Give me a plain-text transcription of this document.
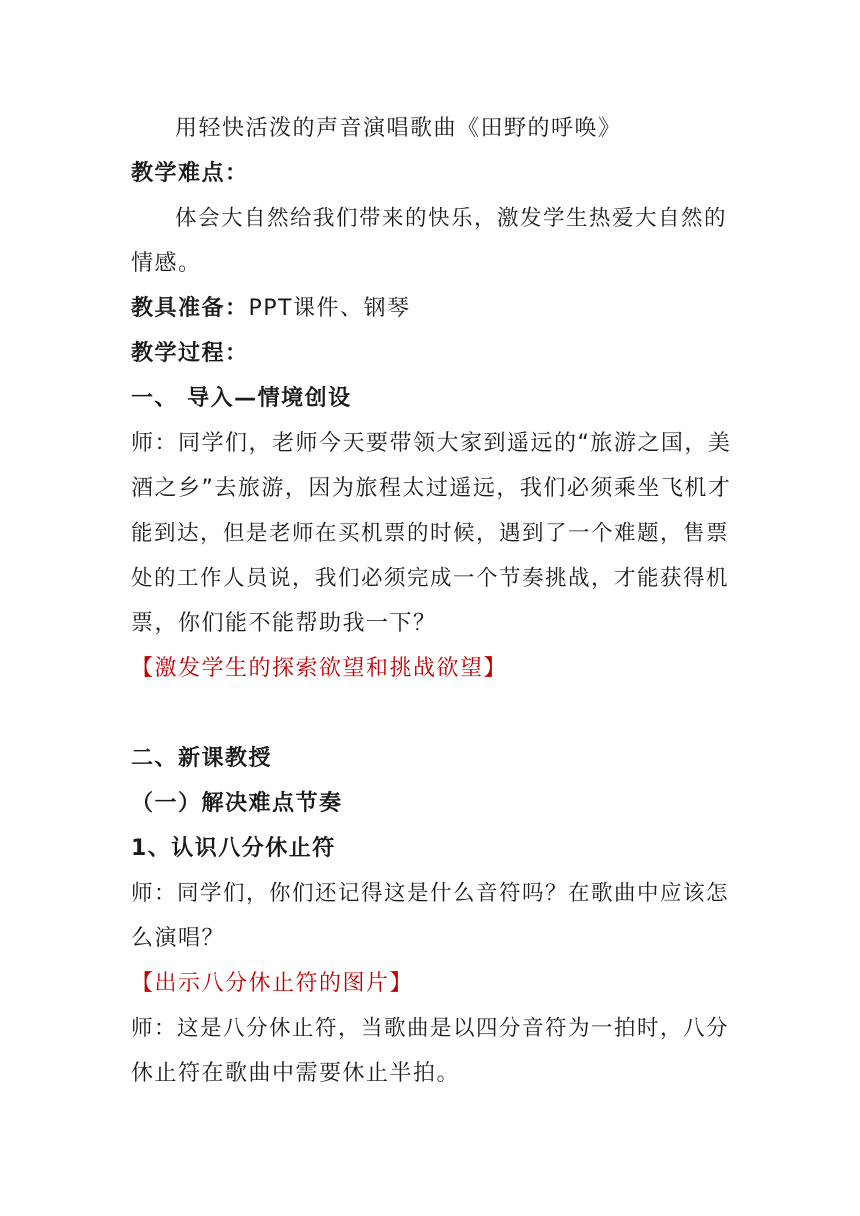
用轻快活泼的声音演唱歌曲《田野的呼唤》
教学难点：
体会大自然给我们带来的快乐，激发学生热爱大自然的
情感。
教具准备：PPT课件、钢琴
教学过程：
一、 导入—情境创设
师：同学们，老师今天要带领大家到遥远的“旅游之国，美
酒之乡”去旅游，因为旅程太过遥远，我们必须乘坐飞机才
能到达，但是老师在买机票的时候，遇到了一个难题，售票
处的工作人员说，我们必须完成一个节奏挑战，才能获得机
票，你们能不能帮助我一下？
【激发学生的探索欲望和挑战欲望】
二、新课教授
（一）解决难点节奏
1、认识八分休止符
师：同学们，你们还记得这是什么音符吗？在歌曲中应该怎
么演唱？
【出示八分休止符的图片】
师：这是八分休止符，当歌曲是以四分音符为一拍时，八分
休止符在歌曲中需要休止半拍。
